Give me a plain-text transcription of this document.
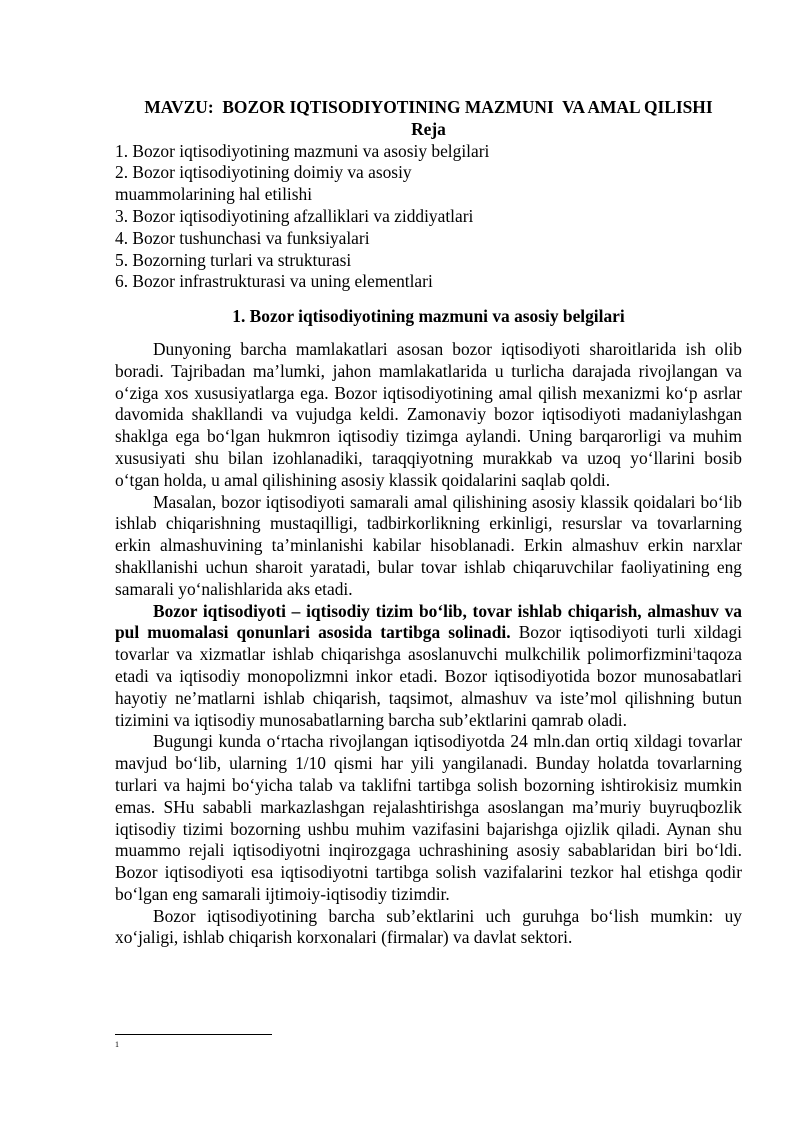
MAVZU:  BOZOR IQTISODIYOTINING MAZMUNI  VA AMAL QILISHI

Reja

1. Bozor iqtisodiyotining mazmuni va asosiy belgilari
2. Bozor iqtisodiyotining doimiy va asosiy
muammolarining hal etilishi
3. Bozor iqtisodiyotining afzalliklari va ziddiyatlari
4. Bozor tushunchasi va funksiyalari
5. Bozorning turlari va strukturasi
6. Bozor infrastrukturasi va uning elementlari

1. Bozor iqtisodiyotining mazmuni va asosiy belgilari

Dunyoning barcha mamlakatlari asosan bozor iqtisodiyoti sharoitlarida ish olib boradi. Tajribadan ma’lumki, jahon mamlakatlarida u turlicha darajada rivojlangan va o‘ziga xos xususiyatlarga ega. Bozor iqtisodiyotining amal qilish mexanizmi ko‘p asrlar davomida shakllandi va vujudga keldi. Zamonaviy bozor iqtisodiyoti madaniylashgan shaklga ega bo‘lgan hukmron iqtisodiy tizimga aylandi. Uning barqarorligi va muhim xususiyati shu bilan izohlanadiki, taraqqiyotning murakkab va uzoq yo‘llarini bosib o‘tgan holda, u amal qilishining asosiy klassik qoidalarini saqlab qoldi.

Masalan, bozor iqtisodiyoti samarali amal qilishining asosiy klassik qoidalari bo‘lib ishlab chiqarishning mustaqilligi, tadbirkorlikning erkinligi, resurslar va tovarlarning erkin almashuvining ta’minlanishi kabilar hisoblanadi. Erkin almashuv erkin narxlar shakllanishi uchun sharoit yaratadi, bular tovar ishlab chiqaruvchilar faoliyatining eng samarali yo‘nalishlarida aks etadi.

Bozor iqtisodiyoti – iqtisodiy tizim bo‘lib, tovar ishlab chiqarish, almashuv va pul muomalasi qonunlari asosida tartibga solinadi. Bozor iqtisodiyoti turli xildagi tovarlar va xizmatlar ishlab chiqarishga asoslanuvchi mulkchilik polimorfizmini$^1$taqoza etadi va iqtisodiy monopolizmni inkor etadi. Bozor iqtisodiyotida bozor munosabatlari hayotiy ne’matlarni ishlab chiqarish, taqsimot, almashuv va iste’mol qilishning butun tizimini va iqtisodiy munosabatlarning barcha sub’ektlarini qamrab oladi.

Bugungi kunda o‘rtacha rivojlangan iqtisodiyotda 24 mln.dan ortiq xildagi tovarlar mavjud bo‘lib, ularning 1/10 qismi har yili yangilanadi. Bunday holatda tovarlarning turlari va hajmi bo‘yicha talab va taklifni tartibga solish bozorning ishtirokisiz mumkin emas. SHu sababli markazlashgan rejalashtirishga asoslangan ma’muriy buyruqbozlik iqtisodiy tizimi bozorning ushbu muhim vazifasini bajarishga ojizlik qiladi. Aynan shu muammo rejali iqtisodiyotni inqirozgaga uchrashining asosiy sabablaridan biri bo‘ldi. Bozor iqtisodiyoti esa iqtisodiyotni tartibga solish vazifalarini tezkor hal etishga qodir bo‘lgan eng samarali ijtimoiy-iqtisodiy tizimdir.

Bozor iqtisodiyotining barcha sub’ektlarini uch guruhga bo‘lish mumkin: uy xo‘jaligi, ishlab chiqarish korxonalari (firmalar) va davlat sektori.

1
